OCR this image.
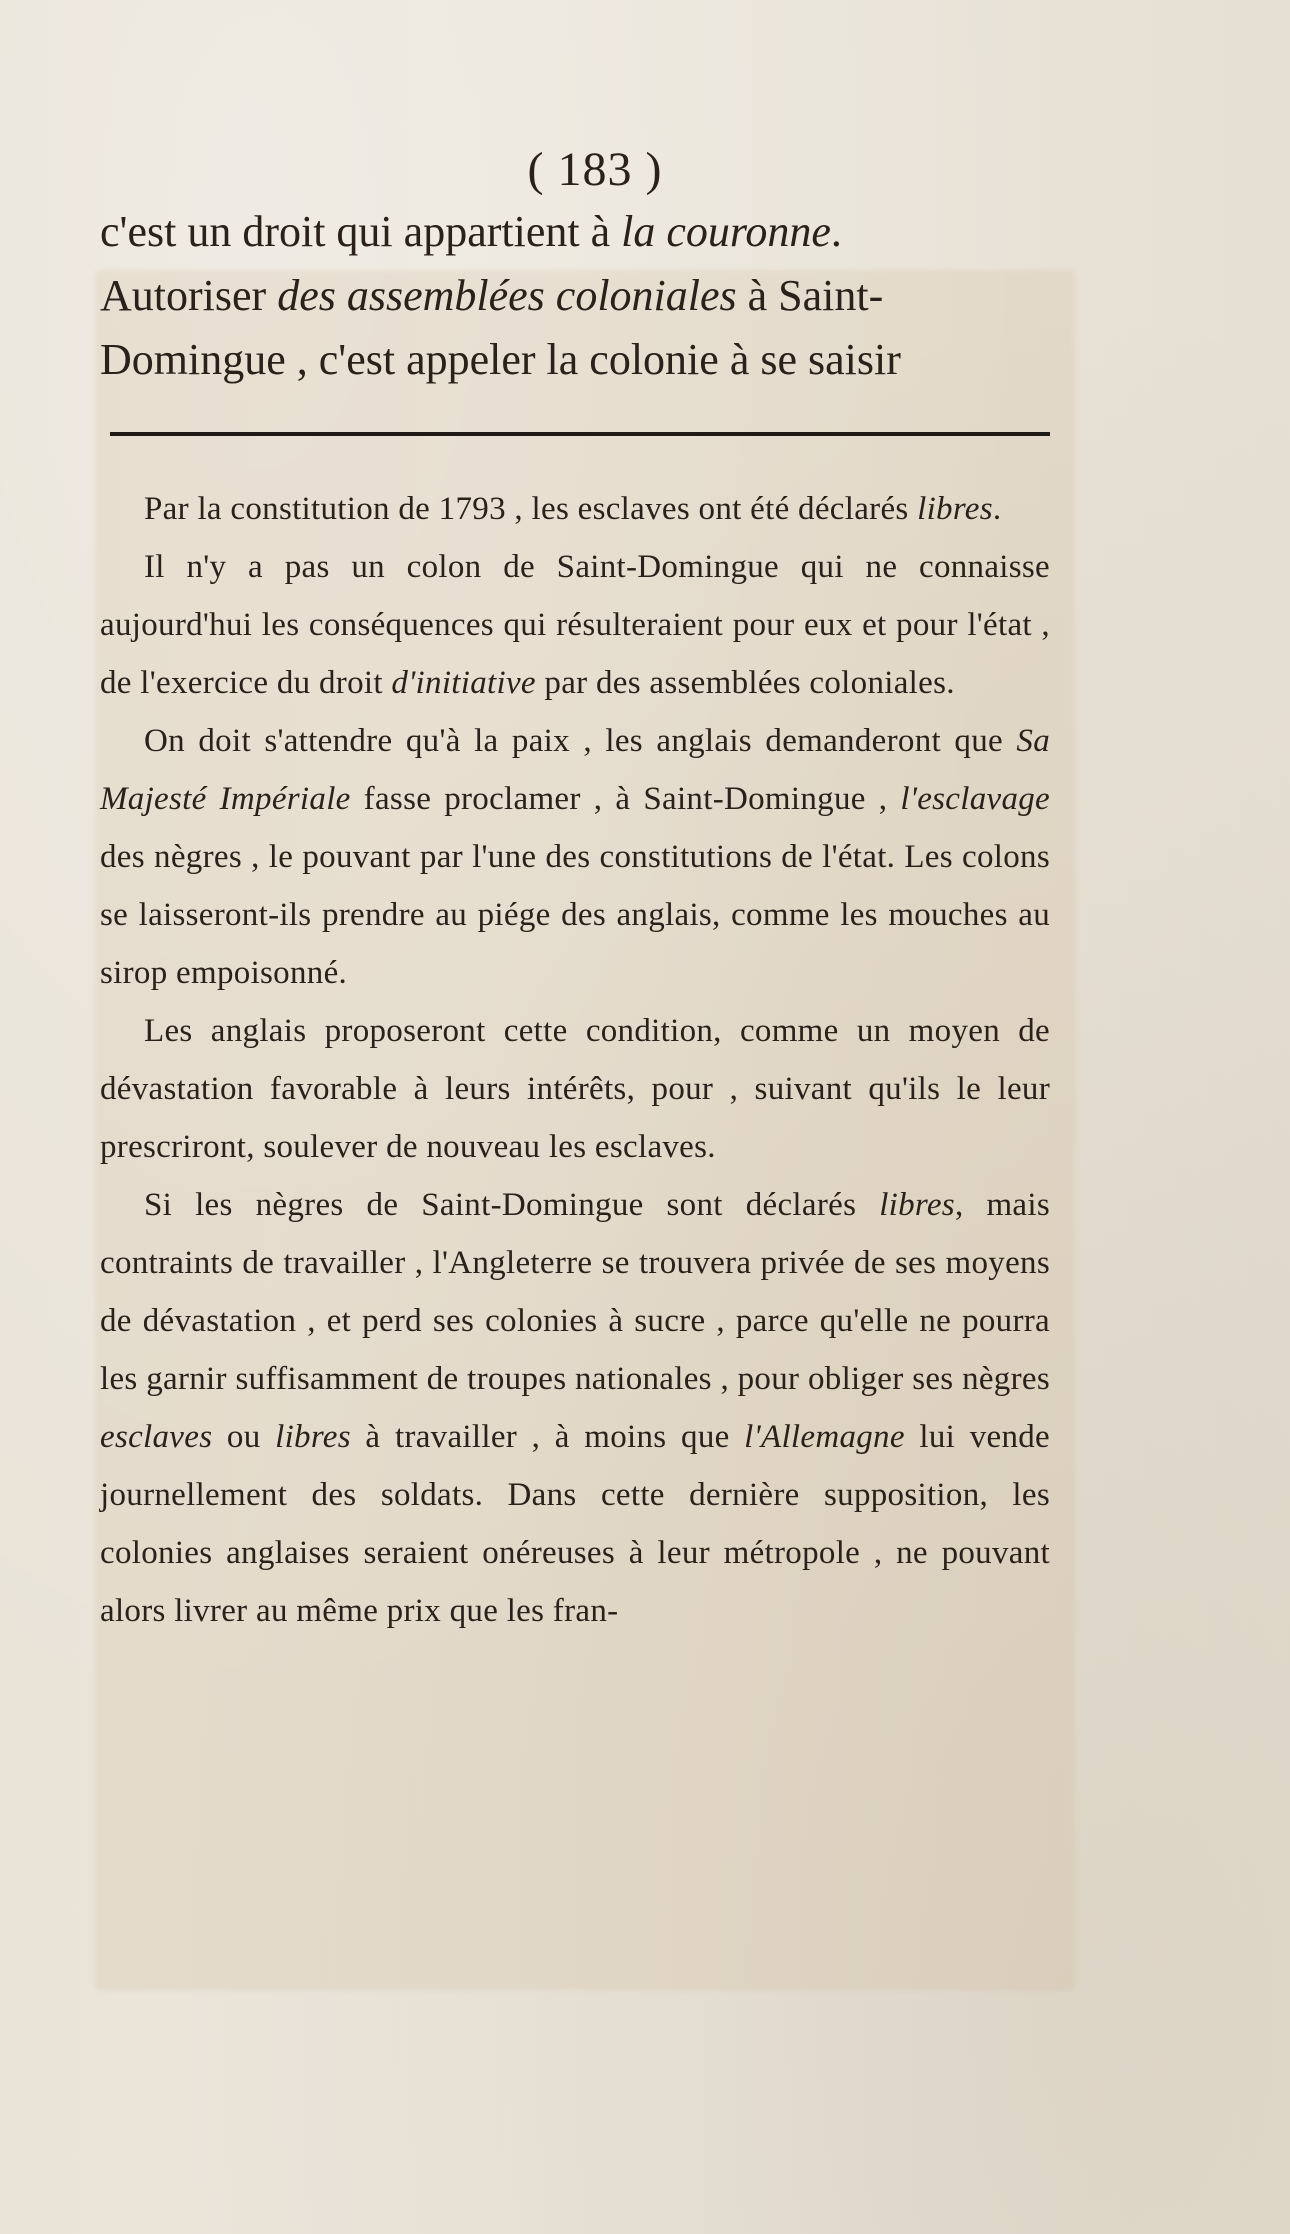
( 183 )
c'est un droit qui appartient à la couronne.
Autoriser des assemblées coloniales à Saint-
Domingue , c'est appeler la colonie à se saisir

Par la constitution de 1793 , les esclaves ont été déclarés libres.

Il n'y a pas un colon de Saint-Domingue qui ne connaisse aujourd'hui les conséquences qui résulteraient pour eux et pour l'état , de l'exercice du droit d'initiative par des assemblées coloniales.

On doit s'attendre qu'à la paix , les anglais demanderont que Sa Majesté Impériale fasse proclamer , à Saint-Domingue , l'esclavage des nègres , le pouvant par l'une des constitutions de l'état. Les colons se laisseront-ils prendre au piége des anglais, comme les mouches au sirop empoisonné.

Les anglais proposeront cette condition, comme un moyen de dévastation favorable à leurs intérêts, pour , suivant qu'ils le leur prescriront, soulever de nouveau les esclaves.

Si les nègres de Saint-Domingue sont déclarés libres, mais contraints de travailler , l'Angleterre se trouvera privée de ses moyens de dévastation , et perd ses colonies à sucre , parce qu'elle ne pourra les garnir suffisamment de troupes nationales , pour obliger ses nègres esclaves ou libres à travailler , à moins que l'Allemagne lui vende journellement des soldats. Dans cette dernière supposition, les colonies anglaises seraient onéreuses à leur métropole , ne pouvant alors livrer au même prix que les fran-
